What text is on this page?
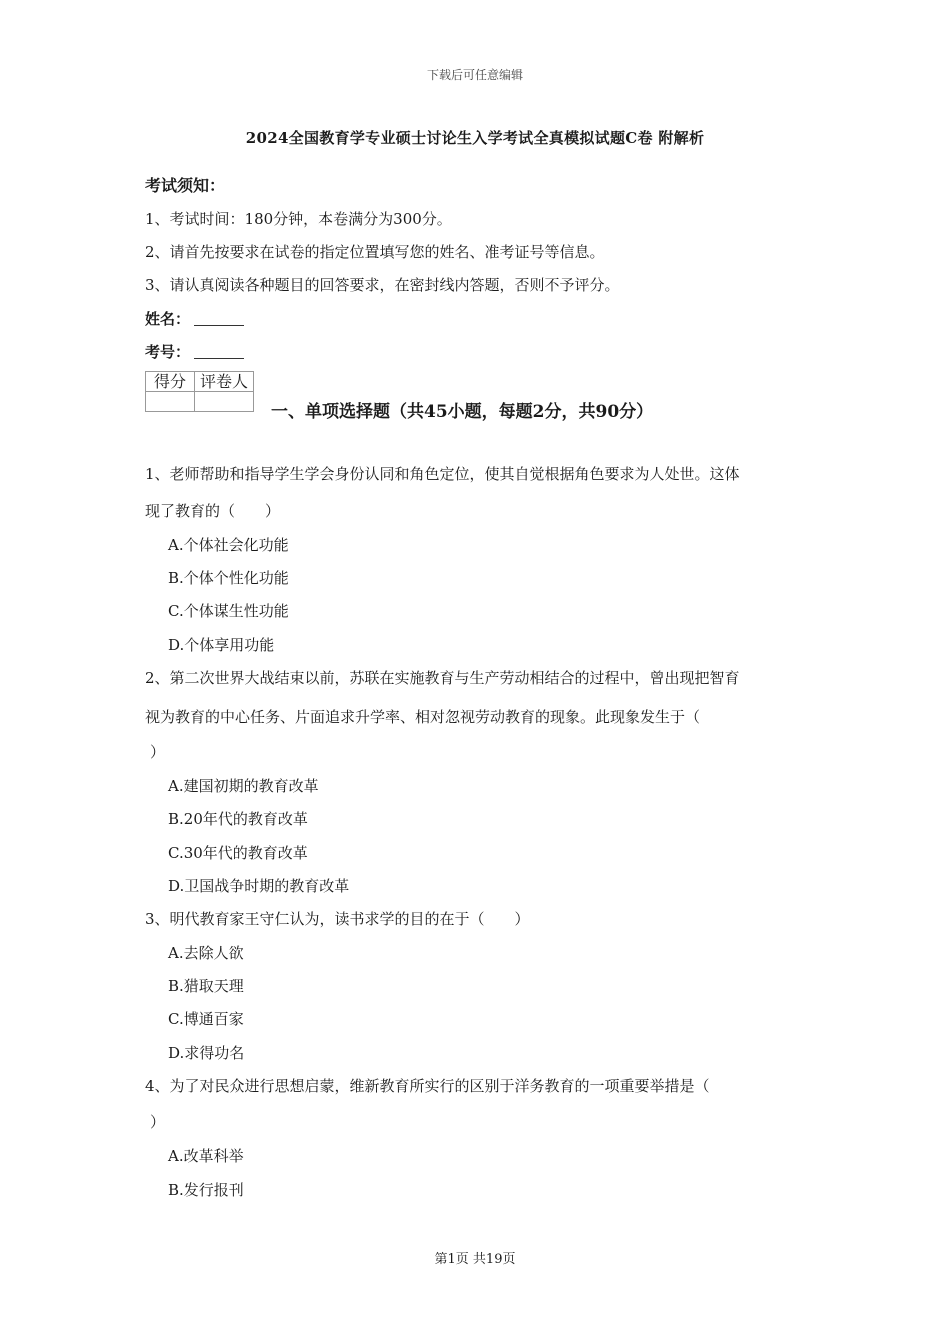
下载后可任意编辑
2024全国教育学专业硕士讨论生入学考试全真模拟试题C卷 附解析
考试须知：
1、考试时间：180分钟，本卷满分为300分。
2、请首先按要求在试卷的指定位置填写您的姓名、准考证号等信息。
3、请认真阅读各种题目的回答要求，在密封线内答题，否则不予评分。
姓名：
考号：
得分	评卷人

一、单项选择题（共45小题，每题2分，共90分）
1、老师帮助和指导学生学会身份认同和角色定位，使其自觉根据角色要求为人处世。这体
现了教育的（　　）
A.个体社会化功能
B.个体个性化功能
C.个体谋生性功能
D.个体享用功能
2、第二次世界大战结束以前，苏联在实施教育与生产劳动相结合的过程中，曾出现把智育
视为教育的中心任务、片面追求升学率、相对忽视劳动教育的现象。此现象发生于（
）
A.建国初期的教育改革
B.20年代的教育改革
C.30年代的教育改革
D.卫国战争时期的教育改革
3、明代教育家王守仁认为，读书求学的目的在于（　　）
A.去除人欲
B.猎取天理
C.博通百家
D.求得功名
4、为了对民众进行思想启蒙，维新教育所实行的区别于洋务教育的一项重要举措是（
）
A.改革科举
B.发行报刊
第1页 共19页
